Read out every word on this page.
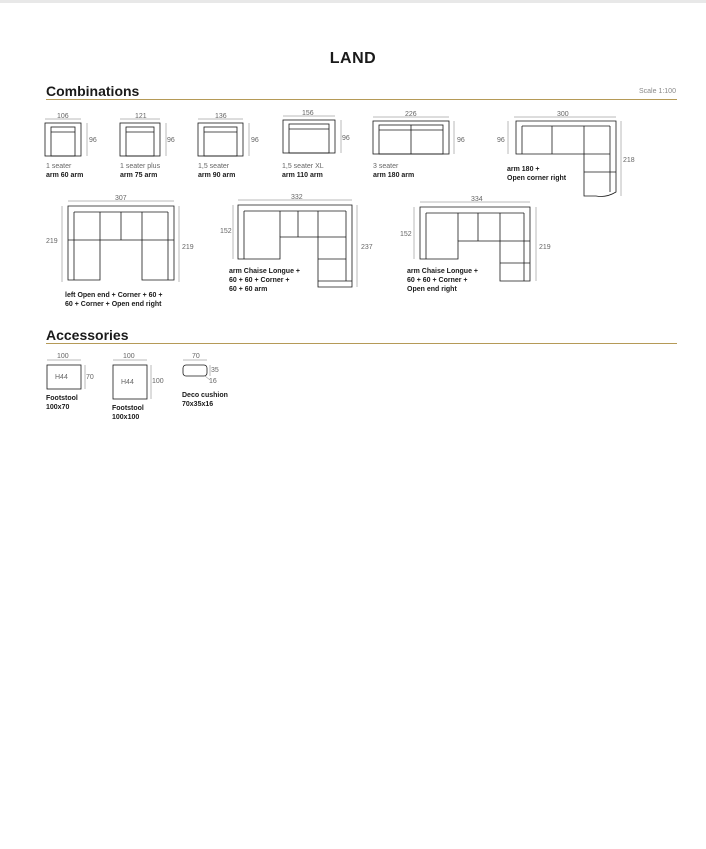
LAND
Combinations	Scale 1:100
106
96
1 seater
arm 60 arm
121
96
1 seater plus
arm 75 arm
136
96
1,5 seater
arm 90 arm
156
96
1,5 seater XL
arm 110 arm
226
96
3 seater
arm 180 arm
300
96
218
arm 180 +
Open corner right
307
219
219
left Open end + Corner + 60 +
60 + Corner + Open end right
332
152
237
arm Chaise Longue +
60 + 60 + Corner +
60 + 60 arm
334
152
219
arm Chaise Longue +
60 + 60 + Corner +
Open end right
Accessories
100
70
H44
Footstool
100x70
100
100
H44
Footstool
100x100
70
35
16
Deco cushion
70x35x16
